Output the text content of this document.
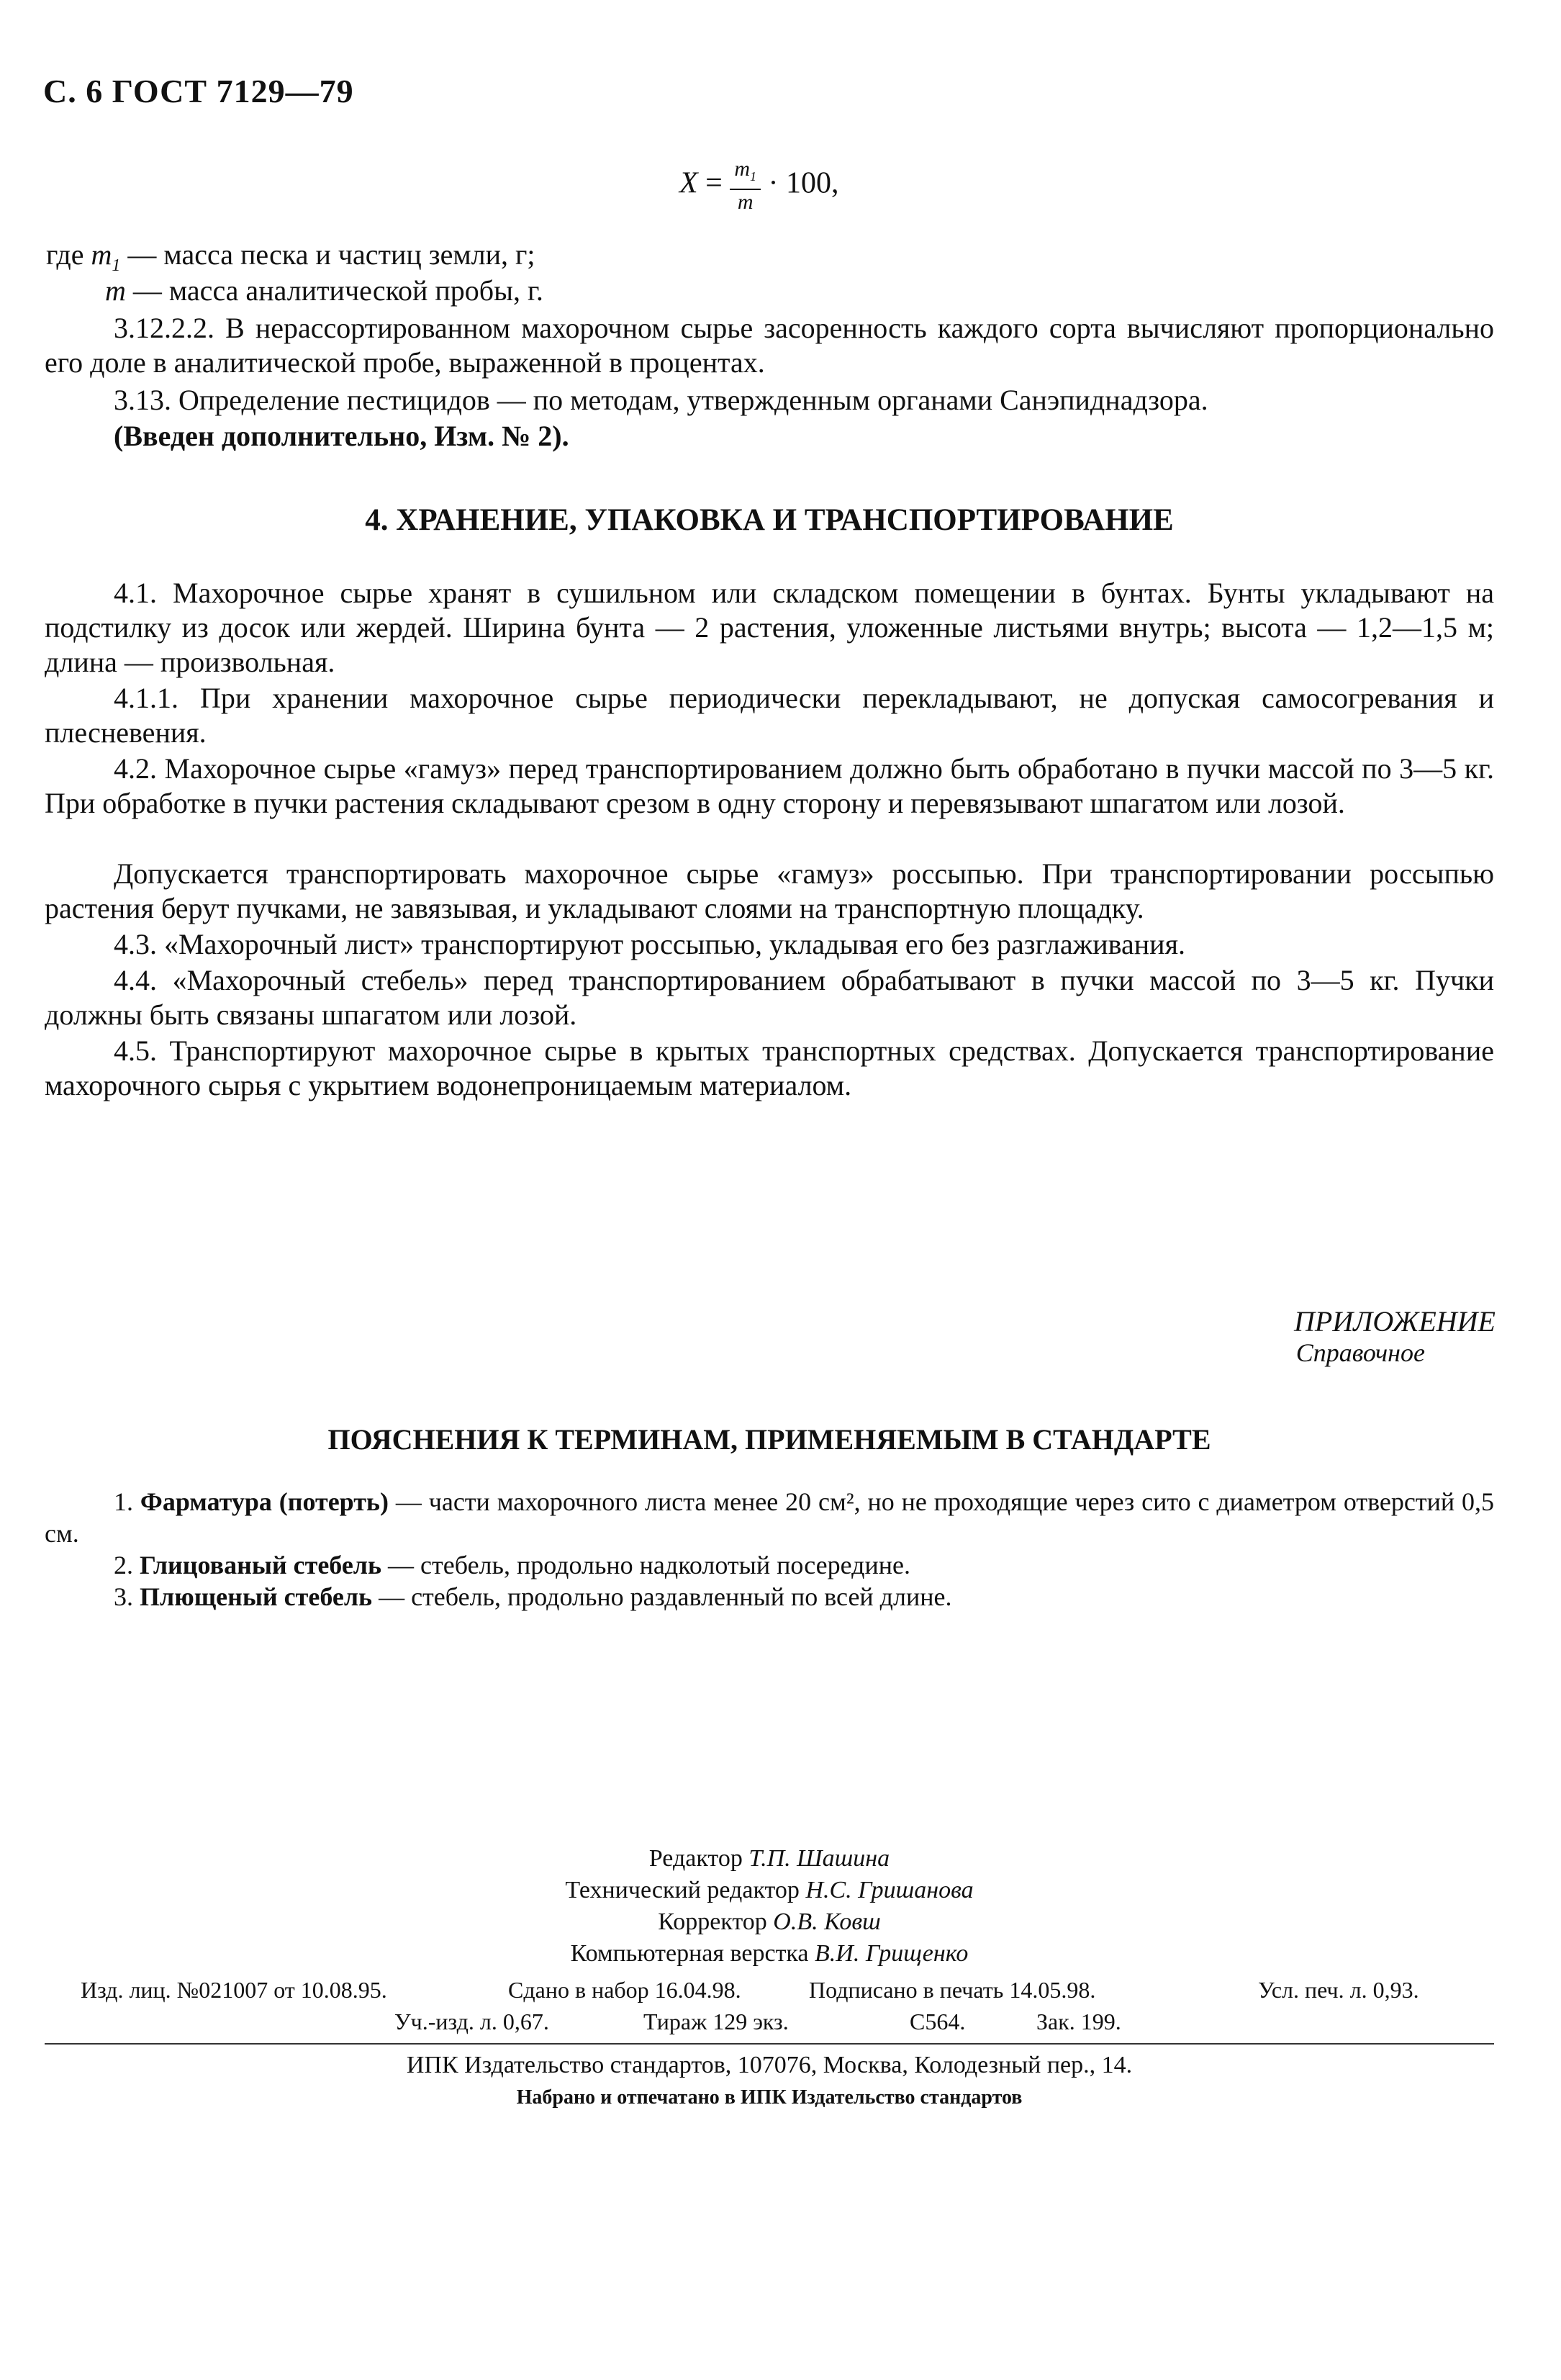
С. 6 ГОСТ 7129—79
$X = \frac{m_1}{m} \cdot 100$,
где $m_1$ — масса песка и частиц земли, г;
m — масса аналитической пробы, г.
3.12.2.2. В нерассортированном махорочном сырье засоренность каждого сорта вычисляют пропорционально его доле в аналитической пробе, выраженной в процентах.
3.13. Определение пестицидов — по методам, утвержденным органами Санэпиднадзора.
(Введен дополнительно, Изм. № 2).
4. ХРАНЕНИЕ, УПАКОВКА И ТРАНСПОРТИРОВАНИЕ
4.1. Махорочное сырье хранят в сушильном или складском помещении в бунтах. Бунты укладывают на подстилку из досок или жердей. Ширина бунта — 2 растения, уложенные листьями внутрь; высота — 1,2—1,5 м; длина — произвольная.
4.1.1. При хранении махорочное сырье периодически перекладывают, не допуская самосогревания и плесневения.
4.2. Махорочное сырье «гамуз» перед транспортированием должно быть обработано в пучки массой по 3—5 кг. При обработке в пучки растения складывают срезом в одну сторону и перевязывают шпагатом или лозой.
Допускается транспортировать махорочное сырье «гамуз» россыпью. При транспортировании россыпью растения берут пучками, не завязывая, и укладывают слоями на транспортную площадку.
4.3. «Махорочный лист» транспортируют россыпью, укладывая его без разглаживания.
4.4. «Махорочный стебель» перед транспортированием обрабатывают в пучки массой по 3—5 кг. Пучки должны быть связаны шпагатом или лозой.
4.5. Транспортируют махорочное сырье в крытых транспортных средствах. Допускается транспортирование махорочного сырья с укрытием водонепроницаемым материалом.
ПРИЛОЖЕНИЕ
Справочное
ПОЯСНЕНИЯ К ТЕРМИНАМ, ПРИМЕНЯЕМЫМ В СТАНДАРТЕ
1. Фарматура (потерть) — части махорочного листа менее 20 см², но не проходящие через сито с диаметром отверстий 0,5 см.
2. Глицованый стебель — стебель, продольно надколотый посередине.
3. Плющеный стебель — стебель, продольно раздавленный по всей длине.
Редактор Т.П. Шашина
Технический редактор Н.С. Гришанова
Корректор О.В. Ковш
Компьютерная верстка В.И. Грищенко
Изд. лиц. №021007 от 10.08.95.	Сдано в набор 16.04.98.	Подписано в печать 14.05.98.	Усл. печ. л. 0,93.
Уч.-изд. л. 0,67.	Тираж 129 экз.	С564.	Зак. 199.
ИПК Издательство стандартов, 107076, Москва, Колодезный пер., 14.
Набрано и отпечатано в ИПК Издательство стандартов
